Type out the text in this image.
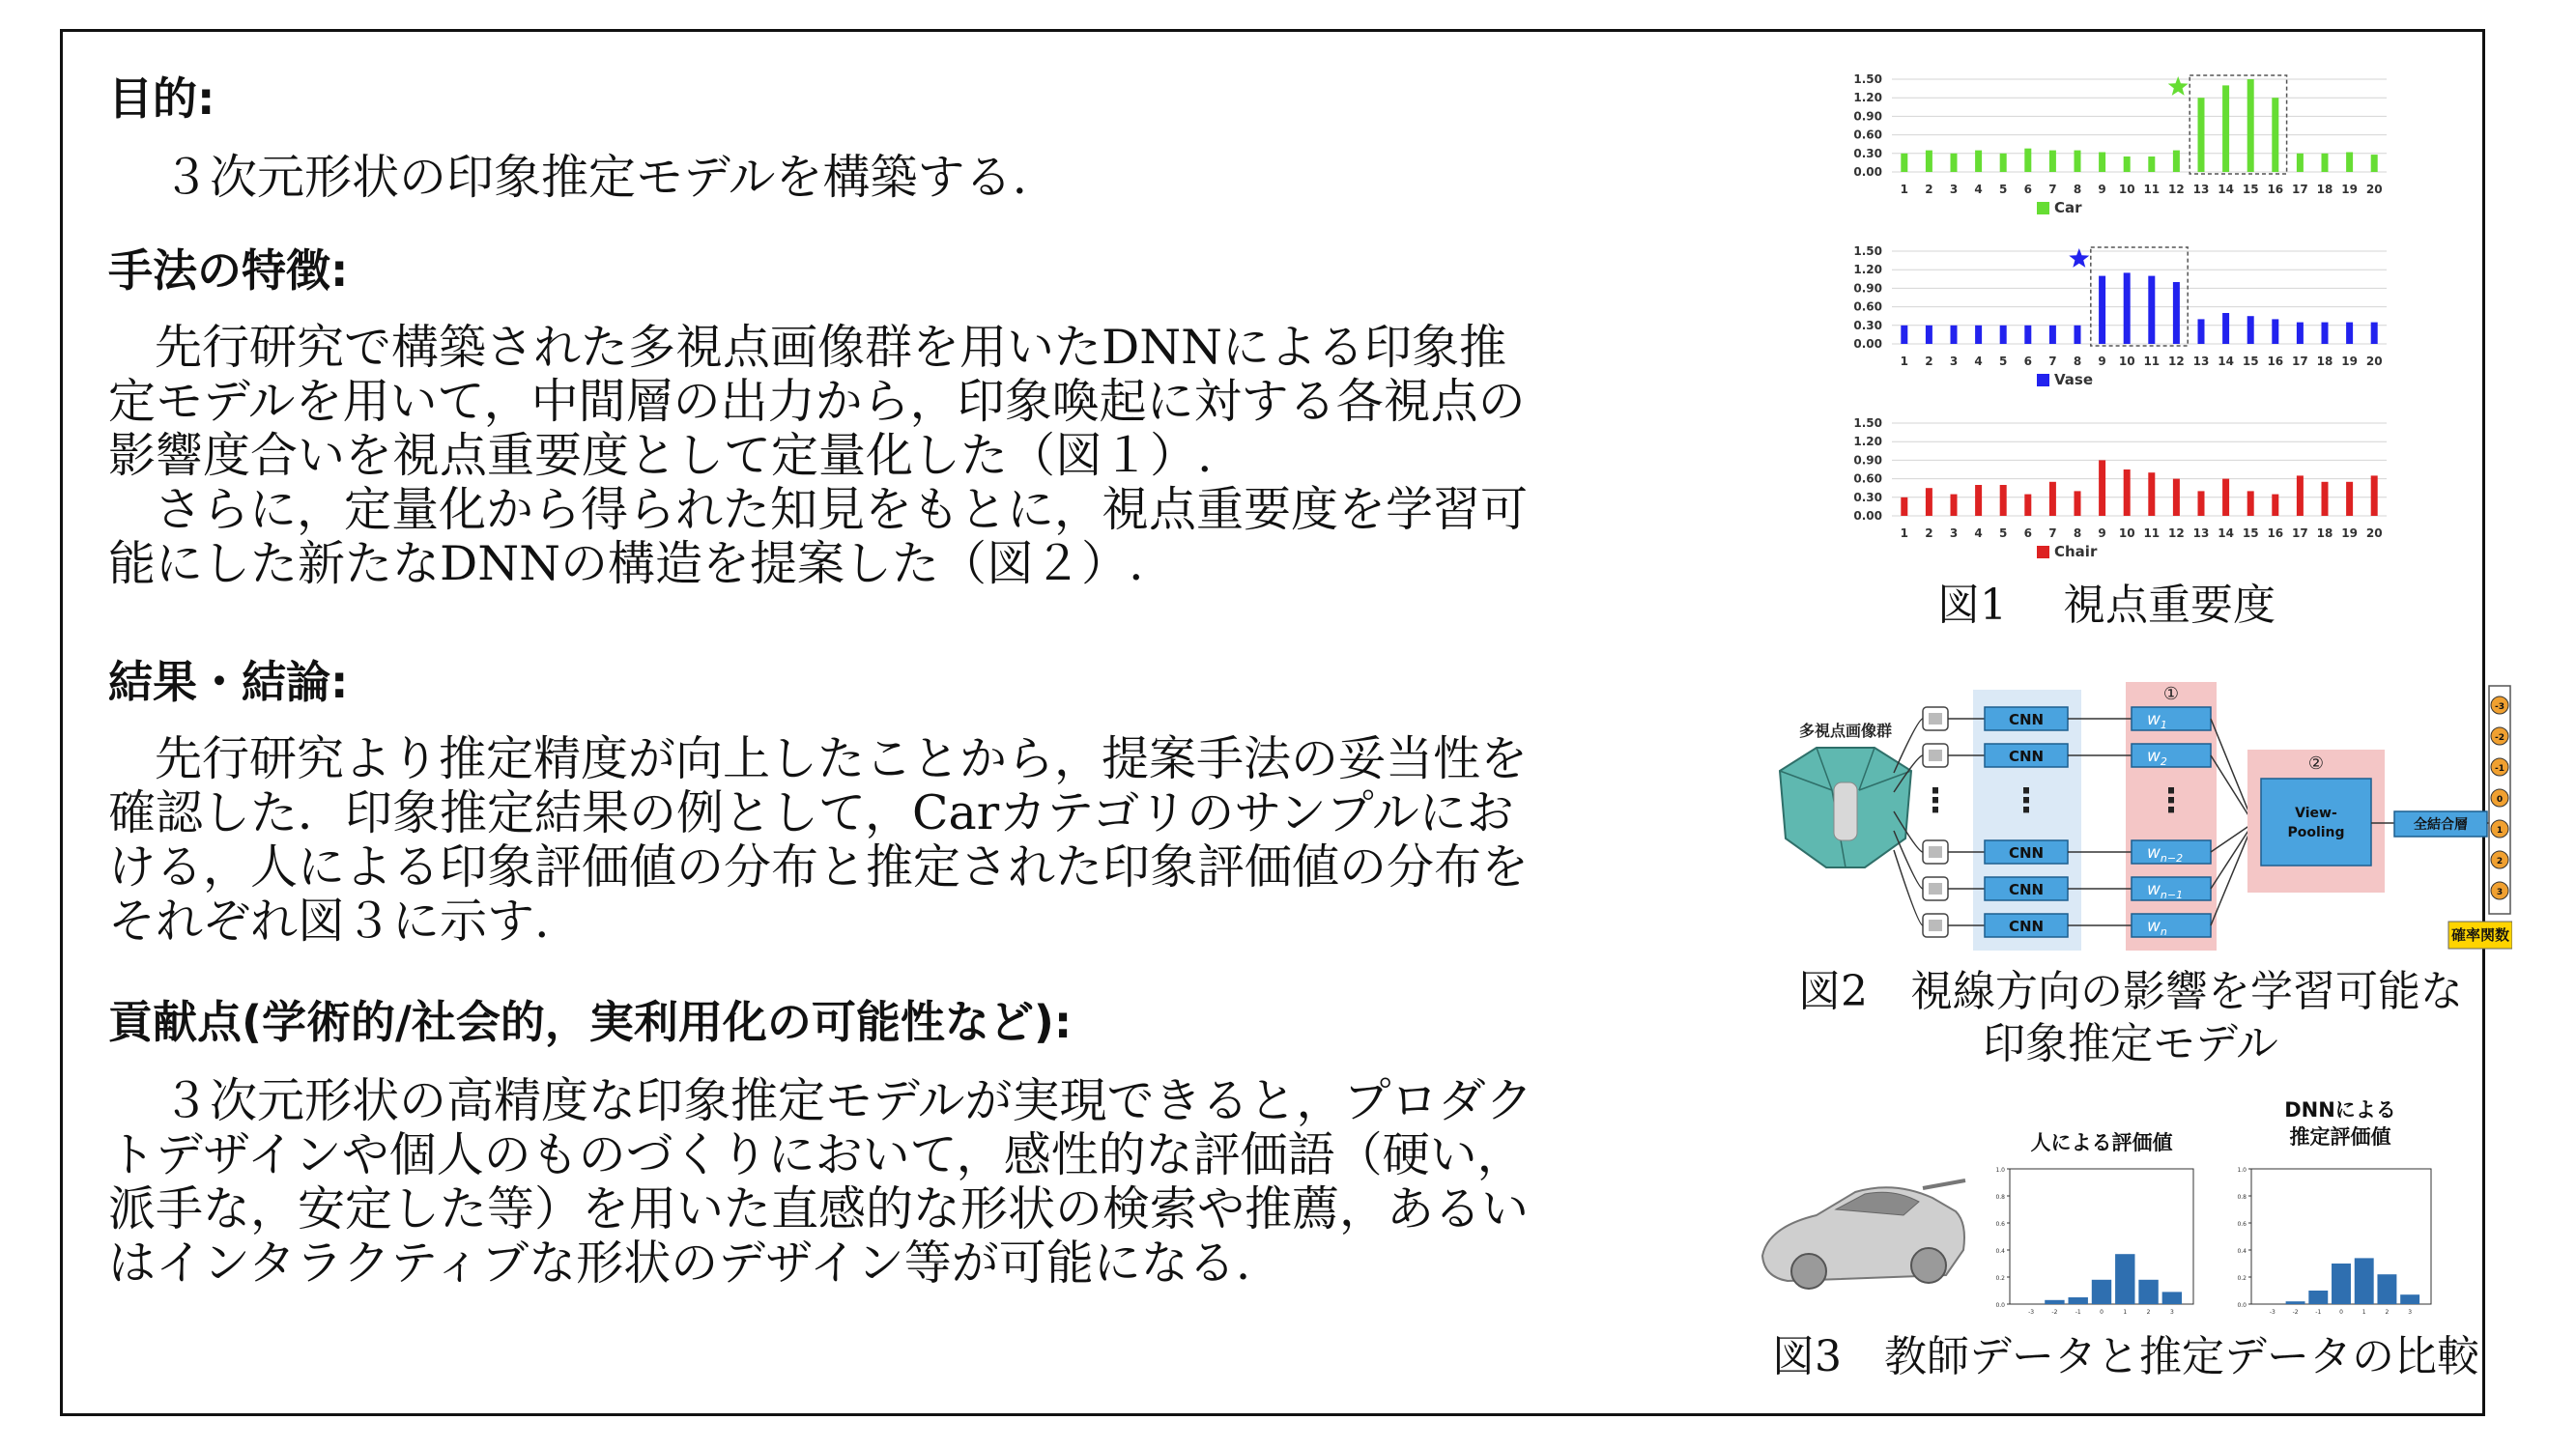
目的:
３次元形状の印象推定モデルを構築する.
手法の特徴:
先行研究で構築された多視点画像群を用いたDNNによる印象推
定モデルを用いて，中間層の出力から，印象喚起に対する各視点の
影響度合いを視点重要度として定量化した（図１）.
さらに，定量化から得られた知見をもとに，視点重要度を学習可
能にした新たなDNNの構造を提案した（図２）.
結果・結論:
先行研究より推定精度が向上したことから，提案手法の妥当性を
確認した．印象推定結果の例として，Carカテゴリのサンプルにお
ける，人による印象評価値の分布と推定された印象評価値の分布を
それぞれ図３に示す.
貢献点(学術的/社会的，実利用化の可能性など):
３次元形状の高精度な印象推定モデルが実現できると，プロダク
トデザインや個人のものづくりにおいて，感性的な評価語（硬い，
派手な，安定した等）を用いた直感的な形状の検索や推薦，あるい
はインタラクティブな形状のデザイン等が可能になる.
0.00
0.30
0.60
0.90
1.20
1.50
1 2 3 4 5 6 7 8 9 10 11 12 13 14 15 16 17 18 19 20
Car
0.00
0.30
0.60
0.90
1.20
1.50
1 2 3 4 5 6 7 8 9 10 11 12 13 14 15 16 17 18 19 20
Vase
0.00
0.30
0.60
0.90
1.20
1.50
1 2 3 4 5 6 7 8 9 10 11 12 13 14 15 16 17 18 19 20
Chair
図1　 視点重要度
多視点画像群
①
CNN	$w_1$
CNN	$w_2$
CNN	$w_{n-2}$
CNN	$w_{n-1}$
CNN	$w_n$
⋮ ⋮	⋮
②
View-
Pooling	全結合層
-3
-2
-1
0
1
2
3
確率関数
図2　視線方向の影響を学習可能な
印象推定モデル
人による評価値
DNNによる
推定評価値
0.0
0.2
0.4
0.6
0.8
1.0
-3	-2	-1	0	1	2	3
0.0
0.2
0.4
0.6
0.8
1.0
-3	-2	-1	0	1	2	3
図3　教師データと推定データの比較
